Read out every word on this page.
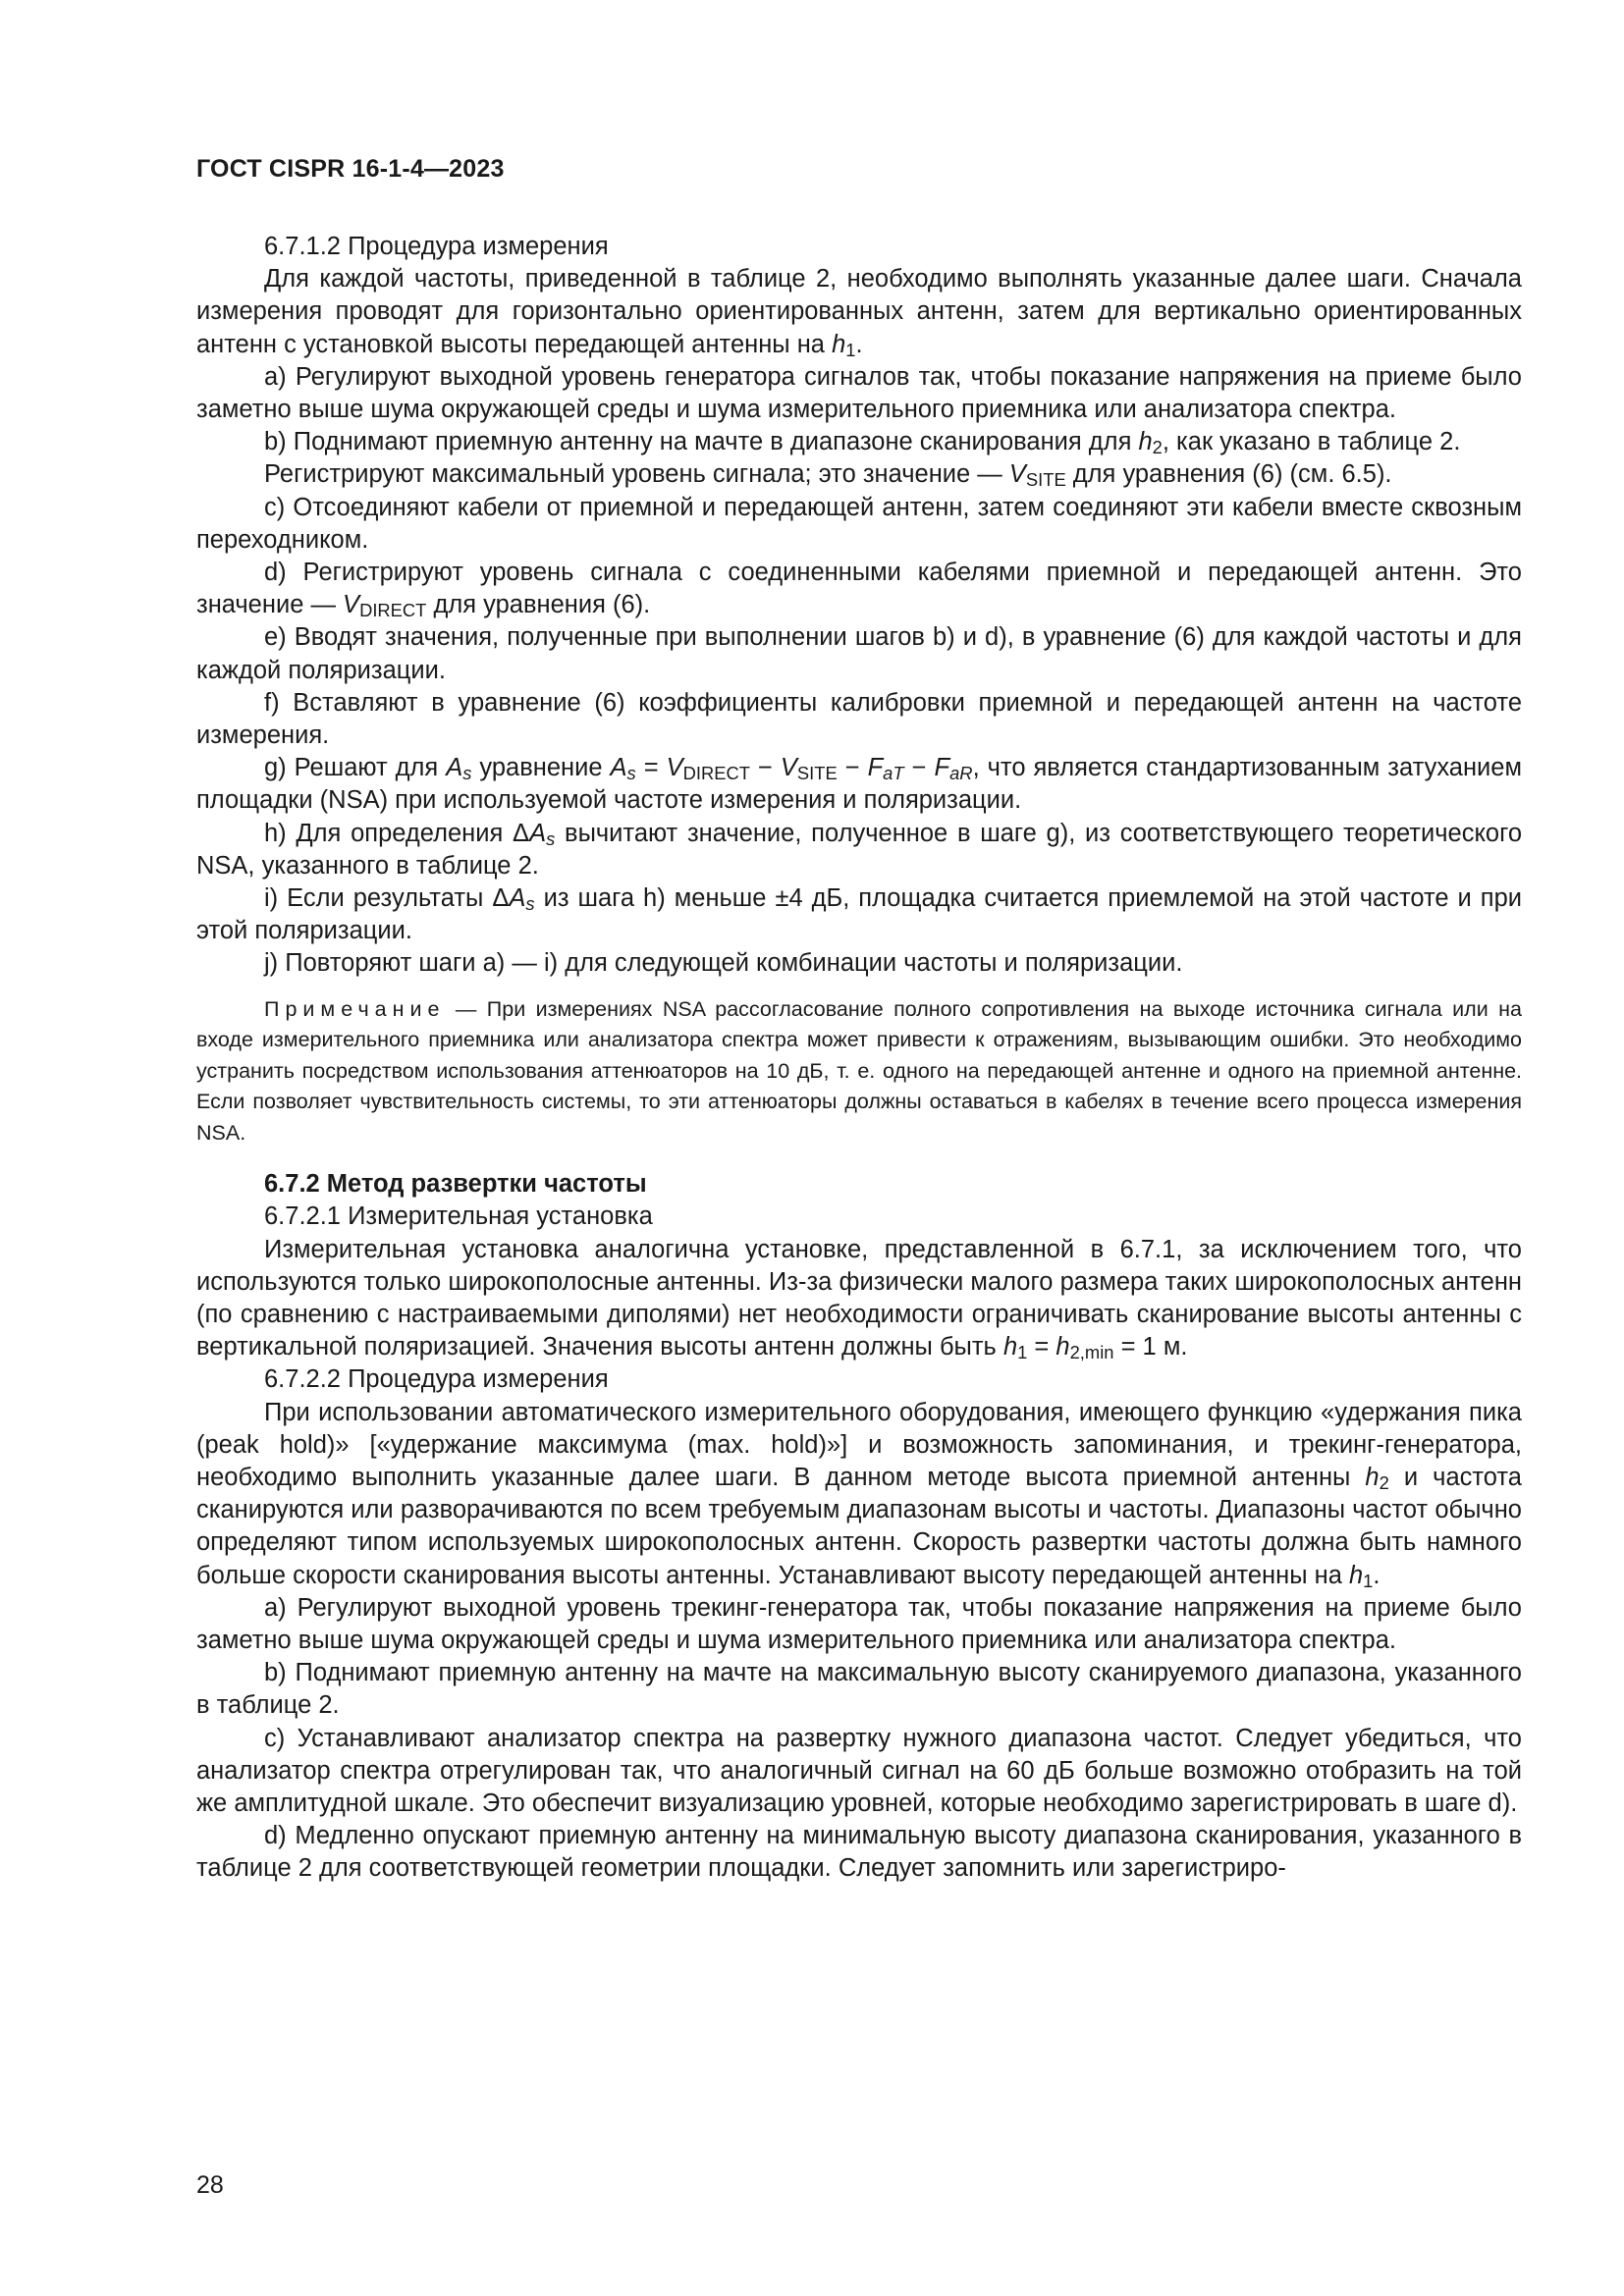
ГОСТ CISPR 16-1-4—2023

6.7.1.2 Процедура измерения

Для каждой частоты, приведенной в таблице 2, необходимо выполнять указанные далее шаги. Сначала измерения проводят для горизонтально ориентированных антенн, затем для вертикально ориентированных антенн с установкой высоты передающей антенны на $h_1$.

a) Регулируют выходной уровень генератора сигналов так, чтобы показание напряжения на приеме было заметно выше шума окружающей среды и шума измерительного приемника или анализатора спектра.

b) Поднимают приемную антенну на мачте в диапазоне сканирования для $h_2$, как указано в таблице 2.

Регистрируют максимальный уровень сигнала; это значение — $V_{SITE}$ для уравнения (6) (см. 6.5).

c) Отсоединяют кабели от приемной и передающей антенн, затем соединяют эти кабели вместе сквозным переходником.

d) Регистрируют уровень сигнала с соединенными кабелями приемной и передающей антенн. Это значение — $V_{DIRECT}$ для уравнения (6).

e) Вводят значения, полученные при выполнении шагов b) и d), в уравнение (6) для каждой частоты и для каждой поляризации.

f) Вставляют в уравнение (6) коэффициенты калибровки приемной и передающей антенн на частоте измерения.

g) Решают для $A_s$ уравнение $A_s = V_{DIRECT} - V_{SITE} - F_{aT} - F_{aR}$, что является стандартизованным затуханием площадки (NSA) при используемой частоте измерения и поляризации.

h) Для определения $\Delta A_s$ вычитают значение, полученное в шаге g), из соответствующего теоретического NSA, указанного в таблице 2.

i) Если результаты $\Delta A_s$ из шага h) меньше ±4 дБ, площадка считается приемлемой на этой частоте и при этой поляризации.

j) Повторяют шаги a) — i) для следующей комбинации частоты и поляризации.

Примечание — При измерениях NSA рассогласование полного сопротивления на выходе источника сигнала или на входе измерительного приемника или анализатора спектра может привести к отражениям, вызывающим ошибки. Это необходимо устранить посредством использования аттенюаторов на 10 дБ, т. е. одного на передающей антенне и одного на приемной антенне. Если позволяет чувствительность системы, то эти аттенюаторы должны оставаться в кабелях в течение всего процесса измерения NSA.

6.7.2 Метод развертки частоты

6.7.2.1 Измерительная установка

Измерительная установка аналогична установке, представленной в 6.7.1, за исключением того, что используются только широкополосные антенны. Из-за физически малого размера таких широкополосных антенн (по сравнению с настраиваемыми диполями) нет необходимости ограничивать сканирование высоты антенны с вертикальной поляризацией. Значения высоты антенн должны быть $h_1 = h_{2,min} = 1$ м.

6.7.2.2 Процедура измерения

При использовании автоматического измерительного оборудования, имеющего функцию «удержания пика (peak hold)» [«удержание максимума (max. hold)»] и возможность запоминания, и трекинг-генератора, необходимо выполнить указанные далее шаги. В данном методе высота приемной антенны $h_2$ и частота сканируются или разворачиваются по всем требуемым диапазонам высоты и частоты. Диапазоны частот обычно определяют типом используемых широкополосных антенн. Скорость развертки частоты должна быть намного больше скорости сканирования высоты антенны. Устанавливают высоту передающей антенны на $h_1$.

a) Регулируют выходной уровень трекинг-генератора так, чтобы показание напряжения на приеме было заметно выше шума окружающей среды и шума измерительного приемника или анализатора спектра.

b) Поднимают приемную антенну на мачте на максимальную высоту сканируемого диапазона, указанного в таблице 2.

c) Устанавливают анализатор спектра на развертку нужного диапазона частот. Следует убедиться, что анализатор спектра отрегулирован так, что аналогичный сигнал на 60 дБ больше возможно отобразить на той же амплитудной шкале. Это обеспечит визуализацию уровней, которые необходимо зарегистрировать в шаге d).

d) Медленно опускают приемную антенну на минимальную высоту диапазона сканирования, указанного в таблице 2 для соответствующей геометрии площадки. Следует запомнить или зарегистриро-

28
